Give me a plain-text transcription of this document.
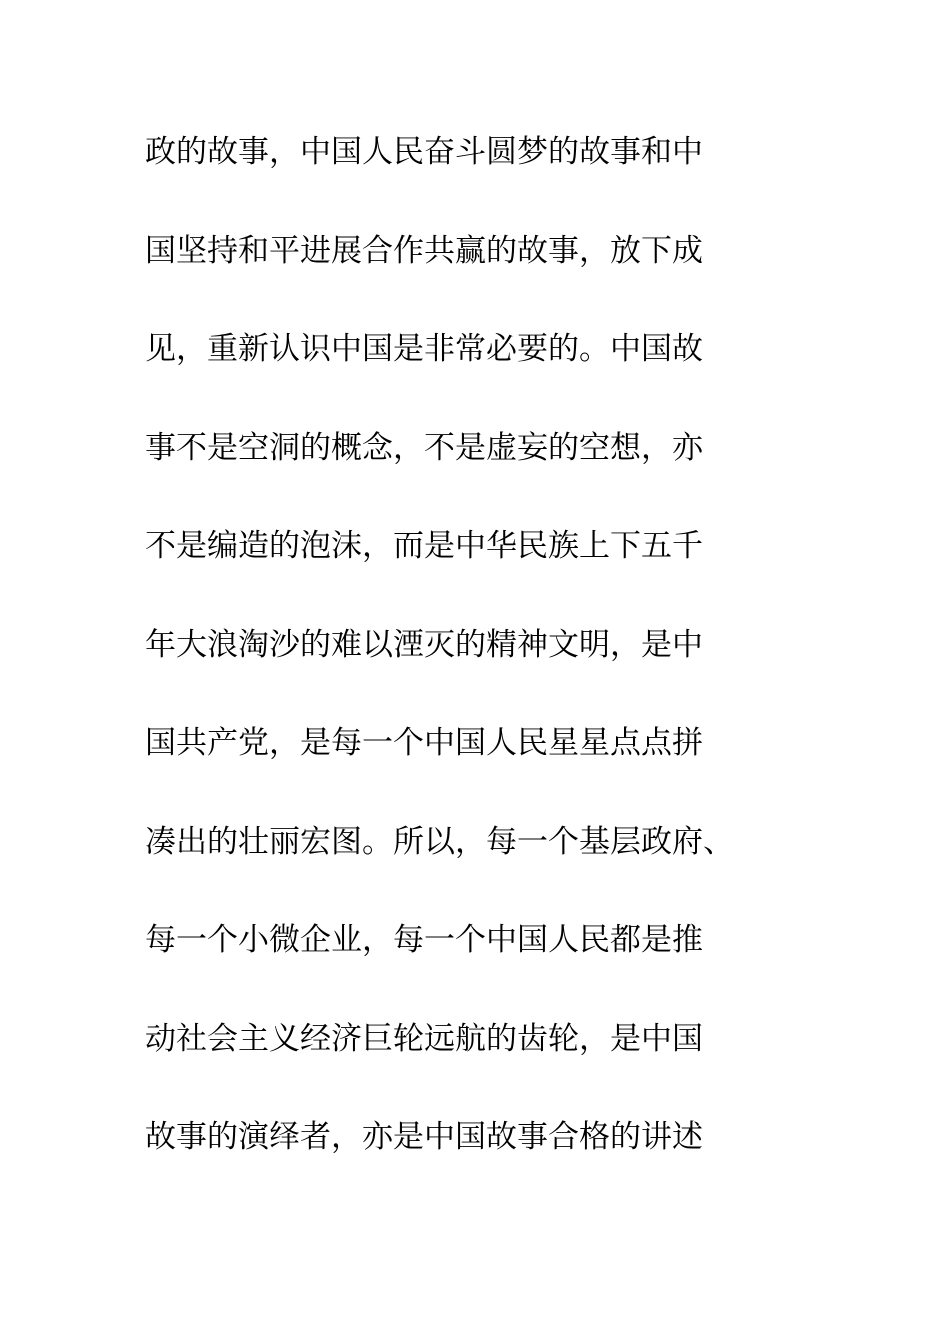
政的故事，中国人民奋斗圆梦的故事和中
国坚持和平进展合作共赢的故事，放下成
见，重新认识中国是非常必要的。中国故
事不是空洞的概念，不是虚妄的空想，亦
不是编造的泡沫，而是中华民族上下五千
年大浪淘沙的难以湮灭的精神文明，是中
国共产党，是每一个中国人民星星点点拼
凑出的壮丽宏图。所以，每一个基层政府、
每一个小微企业，每一个中国人民都是推
动社会主义经济巨轮远航的齿轮，是中国
故事的演绎者，亦是中国故事合格的讲述
